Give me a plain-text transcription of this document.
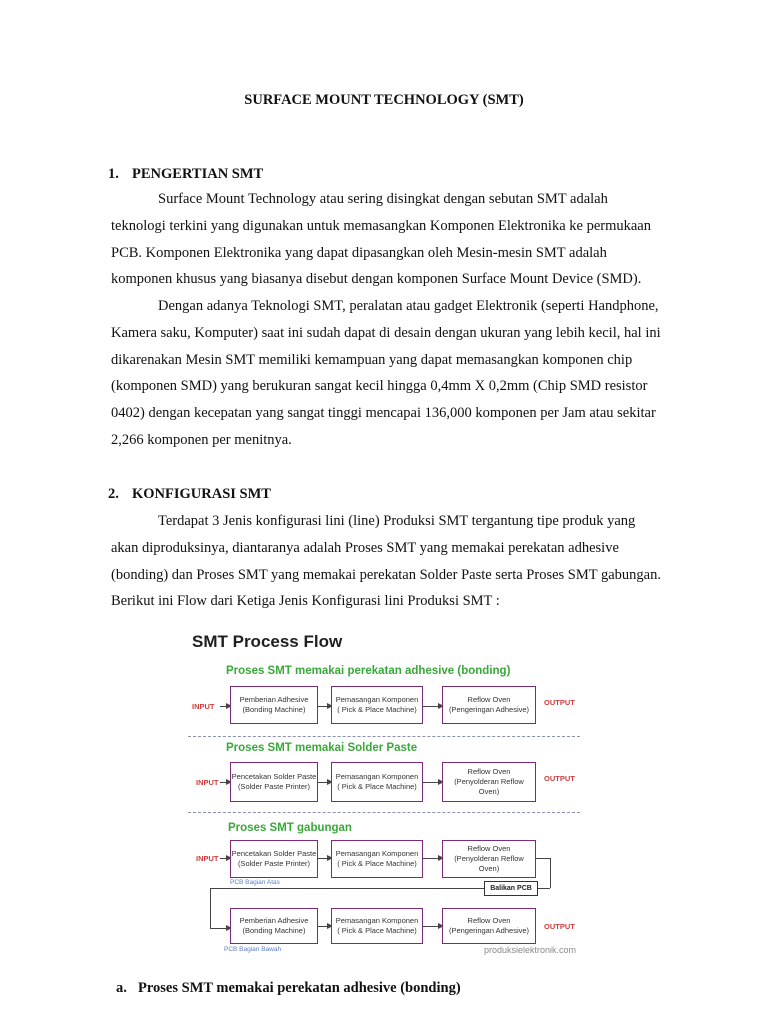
SURFACE MOUNT TECHNOLOGY (SMT)
1. PENGERTIAN SMT
Surface Mount Technology atau sering disingkat dengan sebutan SMT adalah
teknologi terkini yang digunakan untuk memasangkan Komponen Elektronika ke permukaan
PCB. Komponen Elektronika yang dapat dipasangkan oleh Mesin-mesin SMT adalah
komponen khusus yang biasanya disebut dengan komponen Surface Mount Device (SMD).
Dengan adanya Teknologi SMT, peralatan atau gadget Elektronik (seperti Handphone,
Kamera saku, Komputer) saat ini sudah dapat di desain dengan ukuran yang lebih kecil, hal ini
dikarenakan Mesin SMT memiliki kemampuan yang dapat memasangkan komponen chip
(komponen SMD) yang berukuran sangat kecil hingga 0,4mm X 0,2mm (Chip SMD resistor
0402) dengan kecepatan yang sangat tinggi mencapai 136,000 komponen per Jam atau sekitar
2,266 komponen per menitnya.
2. KONFIGURASI SMT
Terdapat 3 Jenis konfigurasi lini (line) Produksi SMT tergantung tipe produk yang
akan diproduksinya, diantaranya adalah Proses SMT yang memakai perekatan adhesive
(bonding) dan Proses SMT yang memakai perekatan Solder Paste serta Proses SMT gabungan.
Berikut ini Flow dari Ketiga Jenis Konfigurasi lini Produksi SMT :
SMT Process Flow
Proses SMT memakai perekatan adhesive (bonding)
INPUT
Pemberian Adhesive
(Bonding Machine)
Pemasangan Komponen
( Pick & Place Machine)
Reflow Oven
(Pengeringan Adhesive)
OUTPUT
Proses SMT memakai Solder Paste
INPUT
Pencetakan Solder Paste
(Solder Paste Printer)
Pemasangan Komponen
( Pick & Place Machine)
Reflow Oven
(Penyolderan Reflow Oven)
OUTPUT
Proses SMT gabungan
INPUT
Pencetakan Solder Paste
(Solder Paste Printer)
Pemasangan Komponen
( Pick & Place Machine)
Reflow Oven
(Penyolderan Reflow Oven)
Balikan PCB
PCB Bagian Atas
Pemberian Adhesive
(Bonding Machine)
Pemasangan Komponen
( Pick & Place Machine)
Reflow Oven
(Pengeringan Adhesive) OUTPUT
PCB Bagian Bawah	produksielektronik.com
a. Proses SMT memakai perekatan adhesive (bonding)
